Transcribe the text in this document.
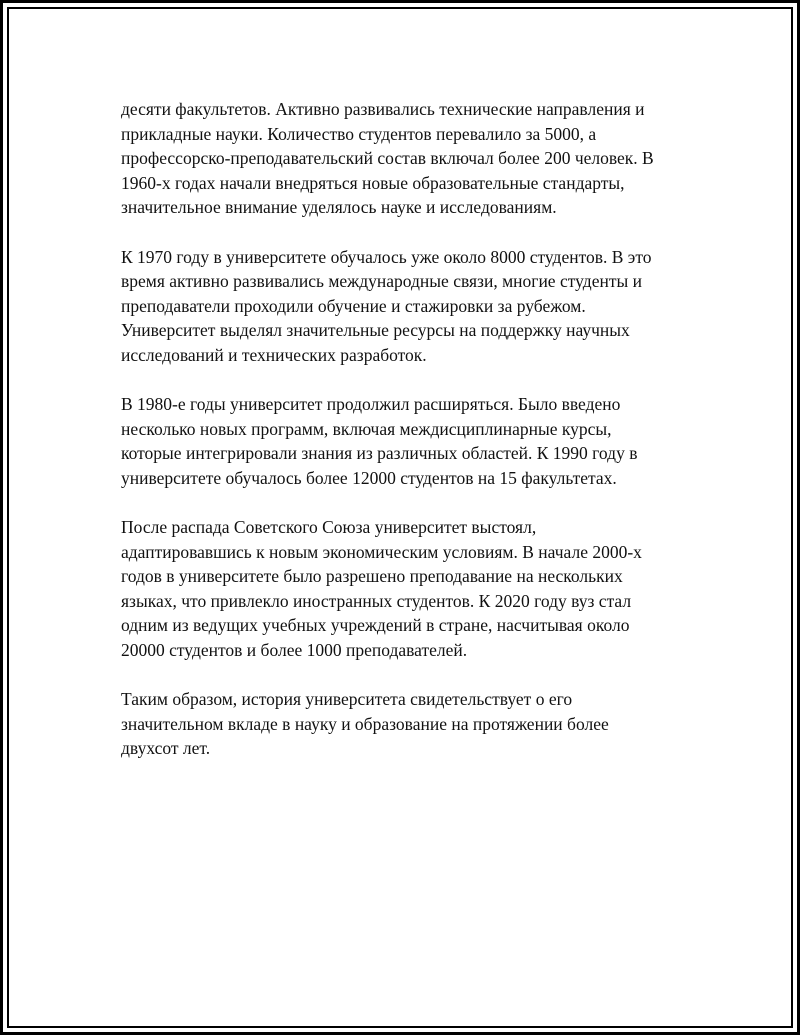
десяти факультетов. Активно развивались технические направления и
прикладные науки. Количество студентов перевалило за 5000, а
профессорско-преподавательский состав включал более 200 человек. В
1960-х годах начали внедряться новые образовательные стандарты,
значительное внимание уделялось науке и исследованиям.

К 1970 году в университете обучалось уже около 8000 студентов. В это
время активно развивались международные связи, многие студенты и
преподаватели проходили обучение и стажировки за рубежом.
Университет выделял значительные ресурсы на поддержку научных
исследований и технических разработок.

В 1980-е годы университет продолжил расширяться. Было введено
несколько новых программ, включая междисциплинарные курсы,
которые интегрировали знания из различных областей. К 1990 году в
университете обучалось более 12000 студентов на 15 факультетах.

После распада Советского Союза университет выстоял,
адаптировавшись к новым экономическим условиям. В начале 2000-х
годов в университете было разрешено преподавание на нескольких
языках, что привлекло иностранных студентов. К 2020 году вуз стал
одним из ведущих учебных учреждений в стране, насчитывая около
20000 студентов и более 1000 преподавателей.

Таким образом, история университета свидетельствует о его
значительном вкладе в науку и образование на протяжении более
двухсот лет.
